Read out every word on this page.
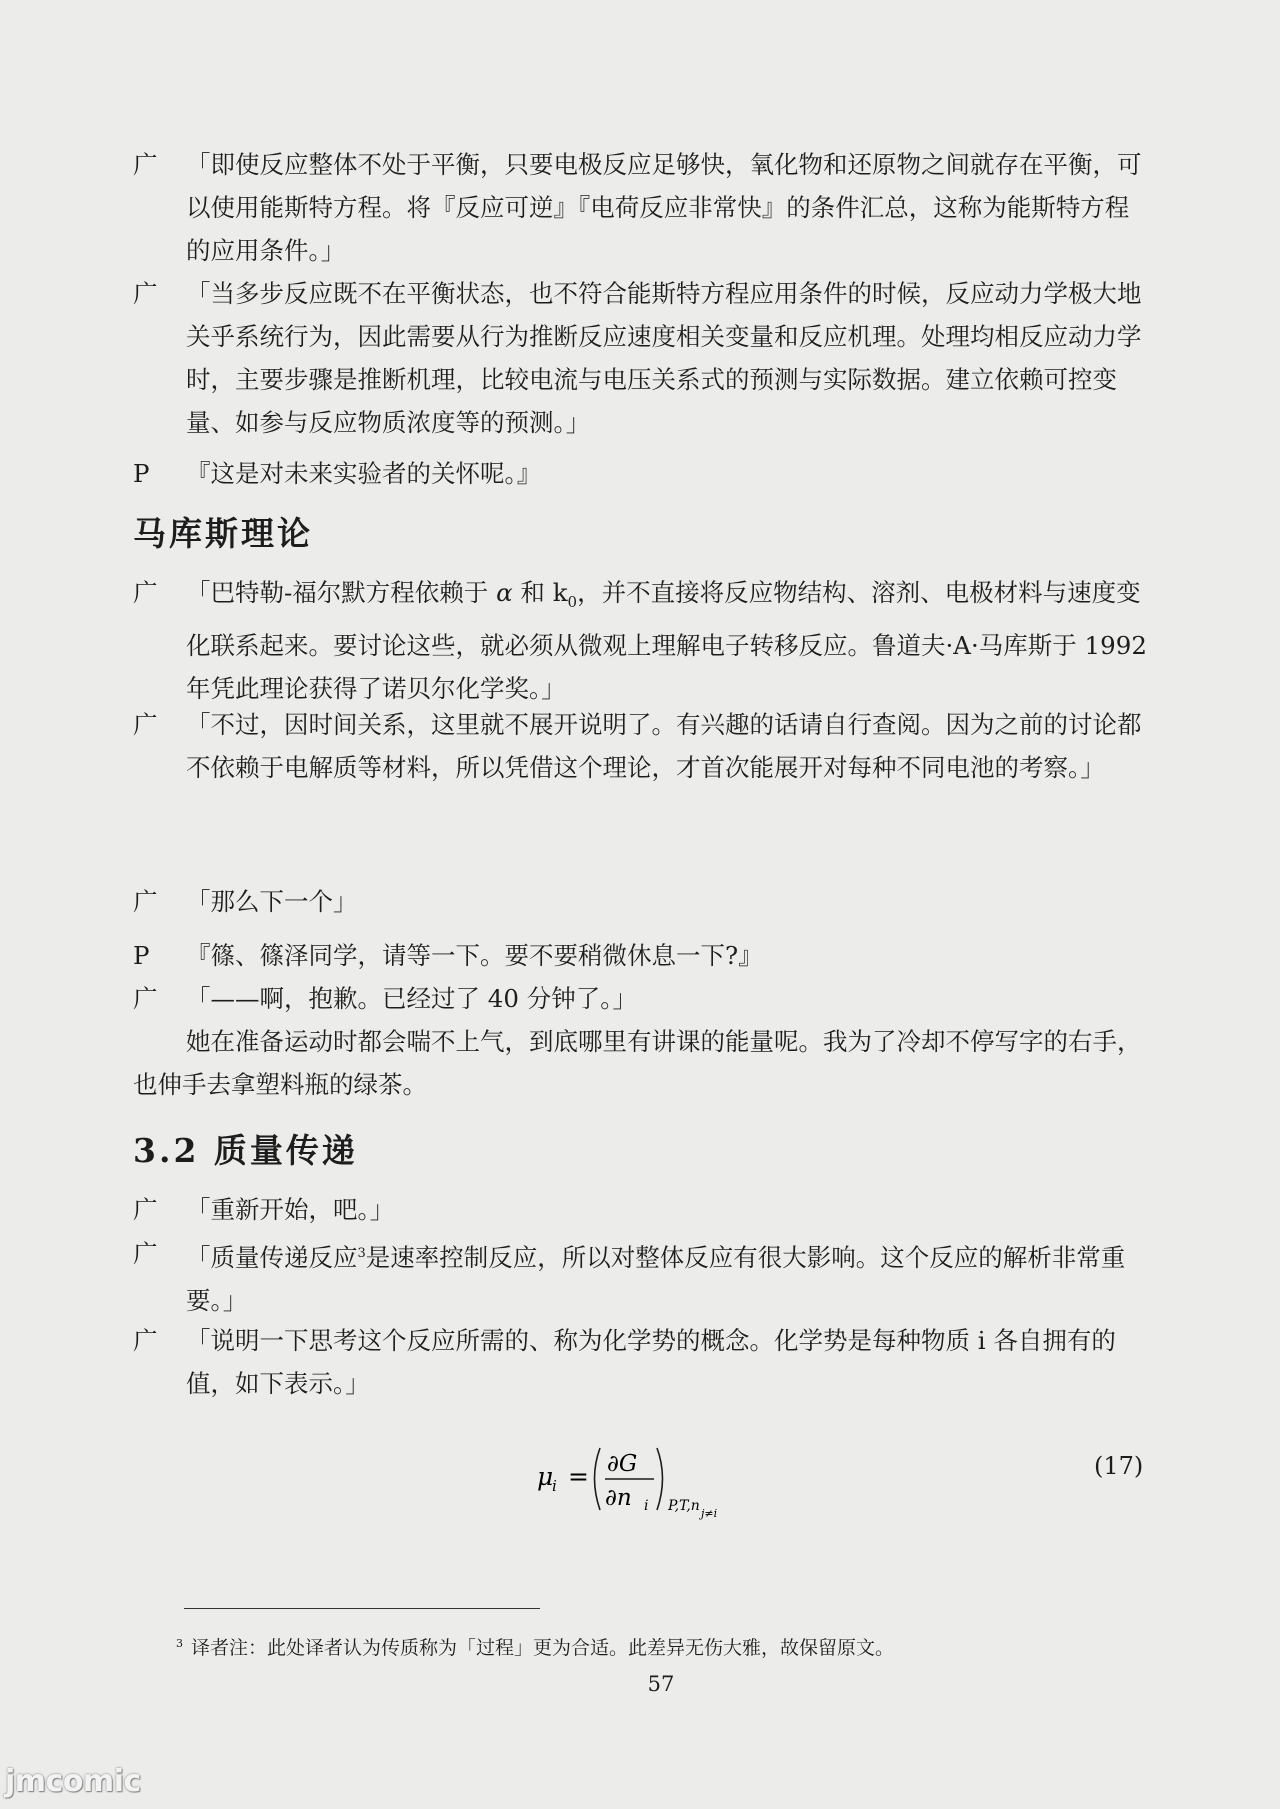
广	「即使反应整体不处于平衡，只要电极反应足够快，氧化物和还原物之间就存在平衡，可以使用能斯特方程。将『反应可逆』『电荷反应非常快』的条件汇总，这称为能斯特方程的应用条件。」
广	「当多步反应既不在平衡状态，也不符合能斯特方程应用条件的时候，反应动力学极大地关乎系统行为，因此需要从行为推断反应速度相关变量和反应机理。处理均相反应动力学时，主要步骤是推断机理，比较电流与电压关系式的预测与实际数据。建立依赖可控变量、如参与反应物质浓度等的预测。」
P	『这是对未来实验者的关怀呢。』
马库斯理论
广	「巴特勒-福尔默方程依赖于 α 和 $k_0$，并不直接将反应物结构、溶剂、电极材料与速度变化联系起来。要讨论这些，就必须从微观上理解电子转移反应。鲁道夫·A·马库斯于 1992 年凭此理论获得了诺贝尔化学奖。」
广	「不过，因时间关系，这里就不展开说明了。有兴趣的话请自行查阅。因为之前的讨论都不依赖于电解质等材料，所以凭借这个理论，才首次能展开对每种不同电池的考察。」
广	「那么下一个」
P	『篠、篠泽同学，请等一下。要不要稍微休息一下?』
广	「——啊，抱歉。已经过了 40 分钟了。」
她在准备运动时都会喘不上气，到底哪里有讲课的能量呢。我为了冷却不停写字的右手，也伸手去拿塑料瓶的绿茶。
3.2 质量传递
广	「重新开始，吧。」
广	「质量传递反应$^3$是速率控制反应，所以对整体反应有很大影响。这个反应的解析非常重要。」
广	「说明一下思考这个反应所需的、称为化学势的概念。化学势是每种物质 i 各自拥有的值，如下表示。」
μ
i = ∂G
∂n i P,T,n j≠i
(17)
$^3$ 译者注：此处译者认为传质称为「过程」更为合适。此差异无伤大雅，故保留原文。
57
jmcomic
